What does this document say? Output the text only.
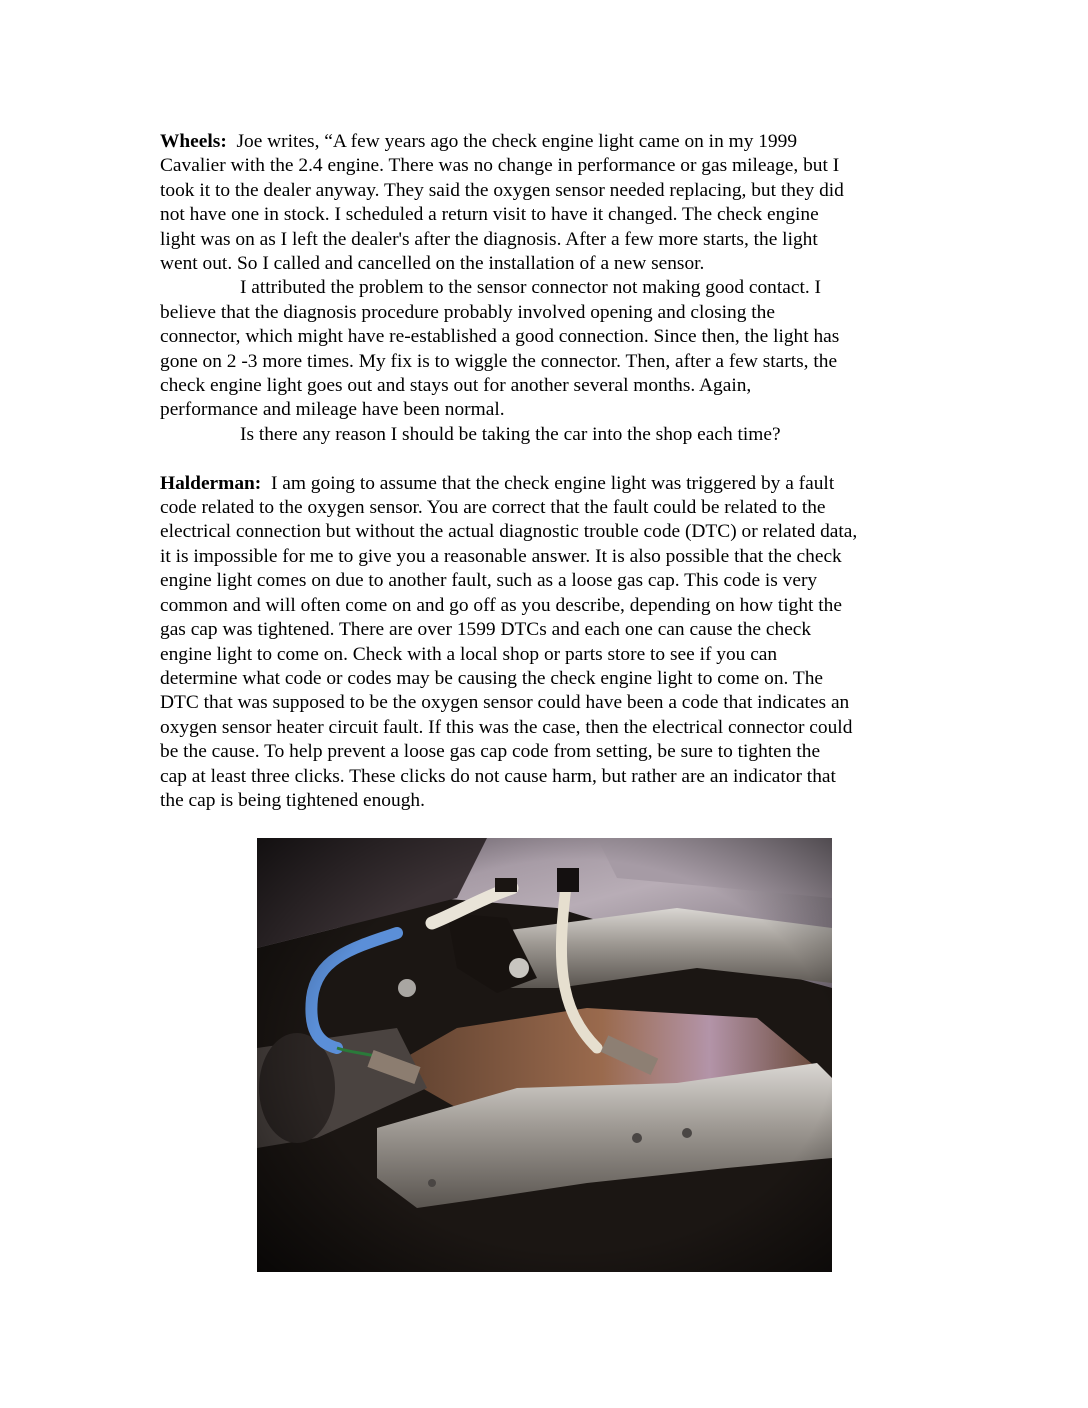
Wheels: Joe writes, “A few years ago the check engine light came on in my 1999
Cavalier with the 2.4 engine. There was no change in performance or gas mileage, but I
took it to the dealer anyway. They said the oxygen sensor needed replacing, but they did
not have one in stock. I scheduled a return visit to have it changed. The check engine
light was on as I left the dealer's after the diagnosis. After a few more starts, the light
went out. So I called and cancelled on the installation of a new sensor.

I attributed the problem to the sensor connector not making good contact. I

believe that the diagnosis procedure probably involved opening and closing the
connector, which might have re-established a good connection. Since then, the light has
gone on 2 -3 more times. My fix is to wiggle the connector. Then, after a few starts, the
check engine light goes out and stays out for another several months. Again,
performance and mileage have been normal.

Is there any reason I should be taking the car into the shop each time?

Halderman: I am going to assume that the check engine light was triggered by a fault
code related to the oxygen sensor. You are correct that the fault could be related to the
electrical connection but without the actual diagnostic trouble code (DTC) or related data,
it is impossible for me to give you a reasonable answer. It is also possible that the check
engine light comes on due to another fault, such as a loose gas cap. This code is very
common and will often come on and go off as you describe, depending on how tight the
gas cap was tightened. There are over 1599 DTCs and each one can cause the check
engine light to come on. Check with a local shop or parts store to see if you can
determine what code or codes may be causing the check engine light to come on. The
DTC that was supposed to be the oxygen sensor could have been a code that indicates an
oxygen sensor heater circuit fault. If this was the case, then the electrical connector could
be the cause. To help prevent a loose gas cap code from setting, be sure to tighten the
cap at least three clicks. These clicks do not cause harm, but rather are an indicator that
the cap is being tightened enough.
